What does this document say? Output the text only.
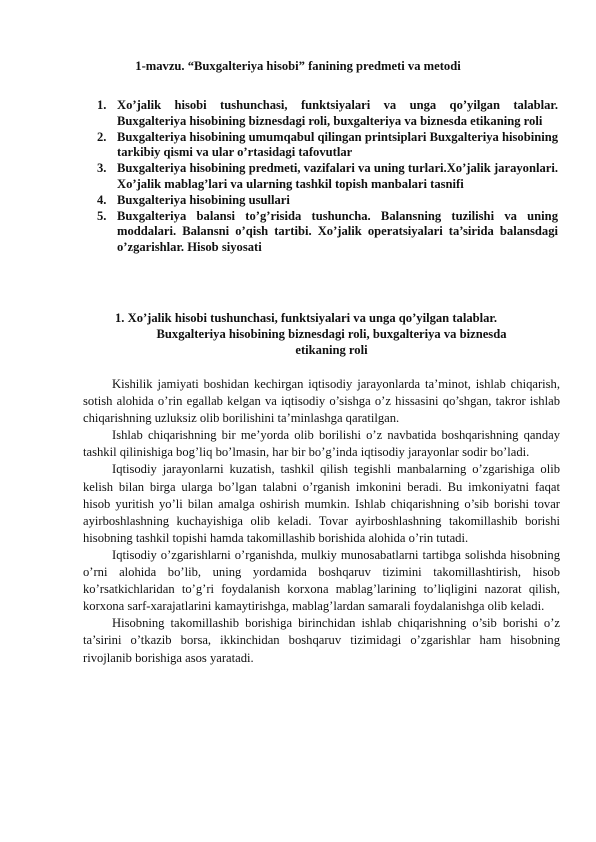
1-mavzu. “Buxgalteriya hisobi” fanining predmeti va metodi
1. Xo’jalik hisobi tushunchasi, funktsiyalari va unga qo’yilgan talablar. Buxgalteriya hisobining biznesdagi roli, buxgalteriya va biznesda etikaning roli
2. Buxgalteriya hisobining umumqabul qilingan printsiplari Buxgalteriya hisobining tarkibiy qismi va ular o’rtasidagi tafovutlar
3. Buxgalteriya hisobining predmeti, vazifalari va uning turlari.Xo’jalik jarayonlari. Xo’jalik mablag’lari va ularning tashkil topish manbalari tasnifi
4. Buxgalteriya hisobining usullari
5. Buxgalteriya balansi to’g’risida tushuncha. Balansning tuzilishi va uning moddalari. Balansni o’qish tartibi. Xo’jalik operatsiyalari ta’sirida balansdagi o’zgarishlar. Hisob siyosati
1. Xo’jalik hisobi tushunchasi, funktsiyalari va unga qo’yilgan talablar.
Buxgalteriya hisobining biznesdagi roli, buxgalteriya va biznesda
etikaning roli

Kishilik jamiyati boshidan kechirgan iqtisodiy jarayonlarda ta’minot, ishlab chiqarish, sotish alohida o’rin egallab kelgan va iqtisodiy o’sishga o’z hissasini qo’shgan, takror ishlab chiqarishning uzluksiz olib borilishini ta’minlashga qaratilgan.

Ishlab chiqarishning bir me’yorda olib borilishi o’z navbatida boshqarishning qanday tashkil qilinishiga bog’liq bo’lmasin, har bir bo’g’inda iqtisodiy jarayonlar sodir bo’ladi.

Iqtisodiy jarayonlarni kuzatish, tashkil qilish tegishli manbalarning o’zgarishiga olib kelish bilan birga ularga bo’lgan talabni o’rganish imkonini beradi. Bu imkoniyatni faqat hisob yuritish yo’li bilan amalga oshirish mumkin. Ishlab chiqarishning o’sib borishi tovar ayirboshlashning kuchayishiga olib keladi. Tovar ayirboshlashning takomillashib borishi hisobning tashkil topishi hamda takomillashib borishida alohida o’rin tutadi.

Iqtisodiy o’zgarishlarni o’rganishda, mulkiy munosabatlarni tartibga solishda hisobning o’rni alohida bo’lib, uning yordamida boshqaruv tizimini takomillashtirish, hisob ko’rsatkichlaridan to’g’ri foydalanish korxona mablag’larining to’liqligini nazorat qilish, korxona sarf-xarajatlarini kamaytirishga, mablag’lardan samarali foydalanishga olib keladi.

Hisobning takomillashib borishiga birinchidan ishlab chiqarishning o’sib borishi o’z ta’sirini o’tkazib borsa, ikkinchidan boshqaruv tizimidagi o’zgarishlar ham hisobning rivojlanib borishiga asos yaratadi.
